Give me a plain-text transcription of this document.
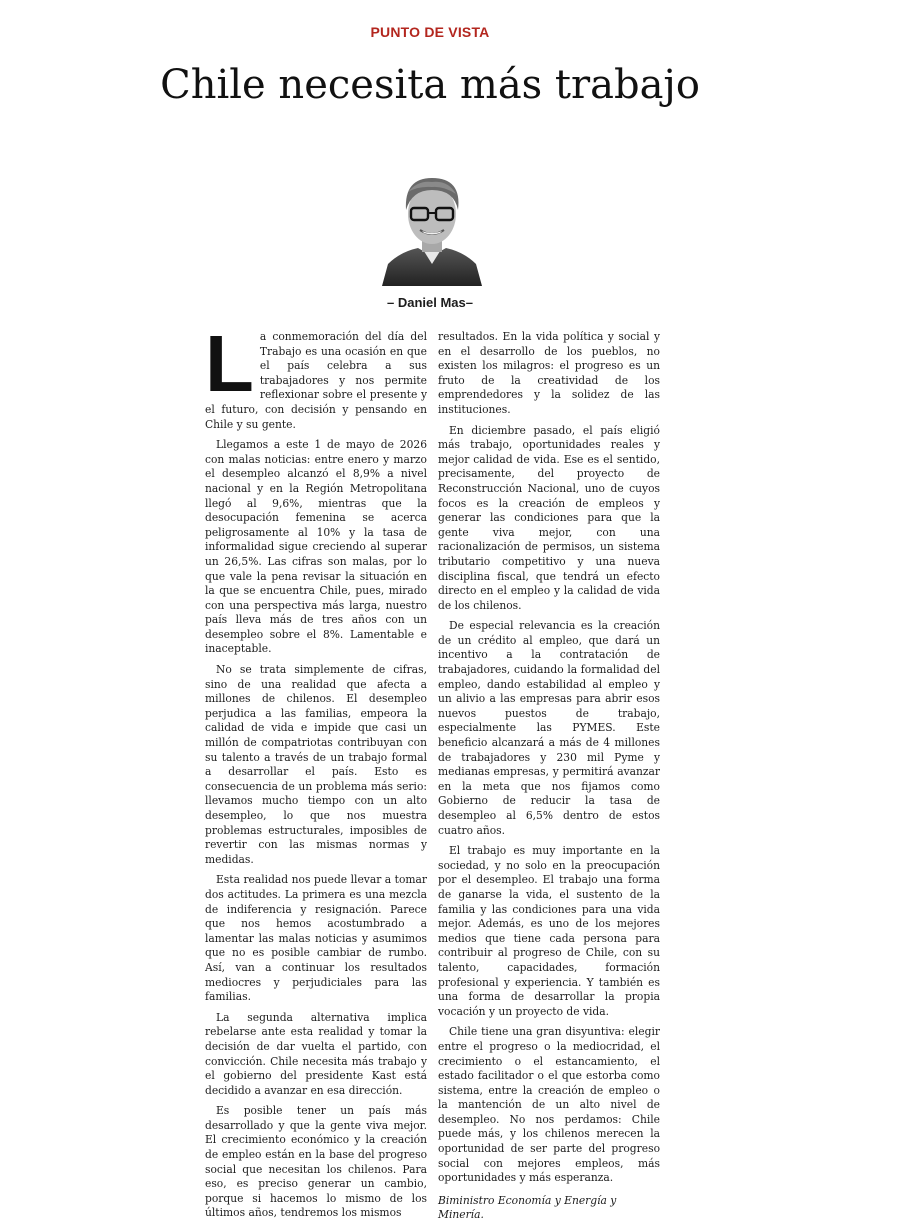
PUNTO DE VISTA
Chile necesita más trabajo
– Daniel Mas–

La conmemoración del día del Trabajo es una ocasión en que el país celebra a sus trabajadores y nos permite reflexionar sobre el presente y el futuro, con decisión y pensando en Chile y su gente.

Llegamos a este 1 de mayo de 2026 con malas noticias: entre enero y marzo el desempleo alcanzó el 8,9% a nivel nacional y en la Región Metropolitana llegó al 9,6%, mientras que la desocupación femenina se acerca peligrosamente al 10% y la tasa de informalidad sigue creciendo al superar un 26,5%. Las cifras son malas, por lo que vale la pena revisar la situación en la que se encuentra Chile, pues, mirado con una perspectiva más larga, nuestro país lleva más de tres años con un desempleo sobre el 8%. Lamentable e inaceptable.

No se trata simplemente de cifras, sino de una realidad que afecta a millones de chilenos. El desempleo perjudica a las familias, empeora la calidad de vida e impide que casi un millón de compatriotas contribuyan con su talento a través de un trabajo formal a desarrollar el país. Esto es consecuencia de un problema más serio: llevamos mucho tiempo con un alto desempleo, lo que nos muestra problemas estructurales, imposibles de revertir con las mismas normas y medidas.

Esta realidad nos puede llevar a tomar dos actitudes. La primera es una mezcla de indiferencia y resignación. Parece que nos hemos acostumbrado a lamentar las malas noticias y asumimos que no es posible cambiar de rumbo. Así, van a continuar los resultados mediocres y perjudiciales para las familias.

La segunda alternativa implica rebelarse ante esta realidad y tomar la decisión de dar vuelta el partido, con convicción. Chile necesita más trabajo y el gobierno del presidente Kast está decidido a avanzar en esa dirección.

Es posible tener un país más desarrollado y que la gente viva mejor. El crecimiento económico y la creación de empleo están en la base del progreso social que necesitan los chilenos. Para eso, es preciso generar un cambio, porque si hacemos lo mismo de los últimos años, tendremos los mismos

resultados. En la vida política y social y en el desarrollo de los pueblos, no existen los milagros: el progreso es un fruto de la creatividad de los emprendedores y la solidez de las instituciones.

En diciembre pasado, el país eligió más trabajo, oportunidades reales y mejor calidad de vida. Ese es el sentido, precisamente, del proyecto de Reconstrucción Nacional, uno de cuyos focos es la creación de empleos y generar las condiciones para que la gente viva mejor, con una racionalización de permisos, un sistema tributario competitivo y una nueva disciplina fiscal, que tendrá un efecto directo en el empleo y la calidad de vida de los chilenos.

De especial relevancia es la creación de un crédito al empleo, que dará un incentivo a la contratación de trabajadores, cuidando la formalidad del empleo, dando estabilidad al empleo y un alivio a las empresas para abrir esos nuevos puestos de trabajo, especialmente las PYMES. Este beneficio alcanzará a más de 4 millones de trabajadores y 230 mil Pyme y medianas empresas, y permitirá avanzar en la meta que nos fijamos como Gobierno de reducir la tasa de desempleo al 6,5% dentro de estos cuatro años.

El trabajo es muy importante en la sociedad, y no solo en la preocupación por el desempleo. El trabajo una forma de ganarse la vida, el sustento de la familia y las condiciones para una vida mejor. Además, es uno de los mejores medios que tiene cada persona para contribuir al progreso de Chile, con su talento, capacidades, formación profesional y experiencia. Y también es una forma de desarrollar la propia vocación y un proyecto de vida.

Chile tiene una gran disyuntiva: elegir entre el progreso o la mediocridad, el crecimiento o el estancamiento, el estado facilitador o el que estorba como sistema, entre la creación de empleo o la mantención de un alto nivel de desempleo. No nos perdamos: Chile puede más, y los chilenos merecen la oportunidad de ser parte del progreso social con mejores empleos, más oportunidades y más esperanza.

Biministro Economía y Energía y Minería.
